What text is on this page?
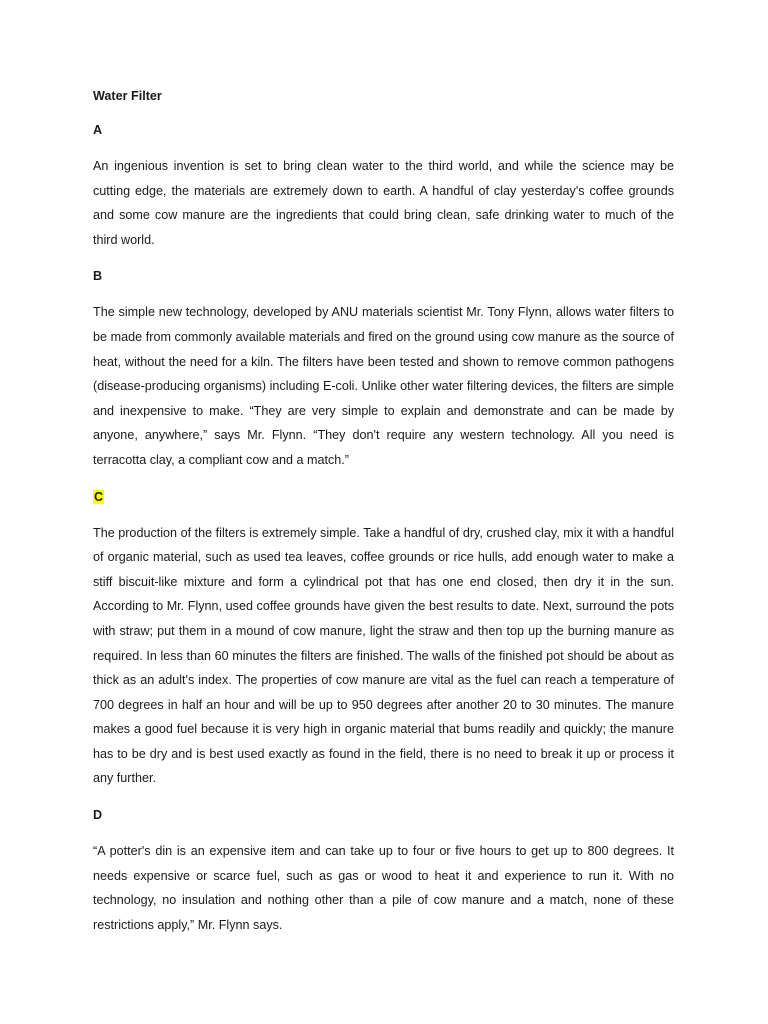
Water Filter
A

An ingenious invention is set to bring clean water to the third world, and while the science may be cutting edge, the materials are extremely down to earth. A handful of clay yesterday's coffee grounds and some cow manure are the ingredients that could bring clean, safe drinking water to much of the third world.

B

The simple new technology, developed by ANU materials scientist Mr. Tony Flynn, allows water filters to be made from commonly available materials and fired on the ground using cow manure as the source of heat, without the need for a kiln. The filters have been tested and shown to remove common pathogens (disease-producing organisms) including E-coli. Unlike other water filtering devices, the filters are simple and inexpensive to make. “They are very simple to explain and demonstrate and can be made by anyone, anywhere,” says Mr. Flynn. “They don't require any western technology. All you need is terracotta clay, a compliant cow and a match.”

C

The production of the filters is extremely simple. Take a handful of dry, crushed clay, mix it with a handful of organic material, such as used tea leaves, coffee grounds or rice hulls, add enough water to make a stiff biscuit-like mixture and form a cylindrical pot that has one end closed, then dry it in the sun. According to Mr. Flynn, used coffee grounds have given the best results to date. Next, surround the pots with straw; put them in a mound of cow manure, light the straw and then top up the burning manure as required. In less than 60 minutes the filters are finished. The walls of the finished pot should be about as thick as an adult's index. The properties of cow manure are vital as the fuel can reach a temperature of 700 degrees in half an hour and will be up to 950 degrees after another 20 to 30 minutes. The manure makes a good fuel because it is very high in organic material that bums readily and quickly; the manure has to be dry and is best used exactly as found in the field, there is no need to break it up or process it any further.

D

“A potter's din is an expensive item and can take up to four or five hours to get up to 800 degrees. It needs expensive or scarce fuel, such as gas or wood to heat it and experience to run it. With no technology, no insulation and nothing other than a pile of cow manure and a match, none of these restrictions apply,” Mr. Flynn says.
